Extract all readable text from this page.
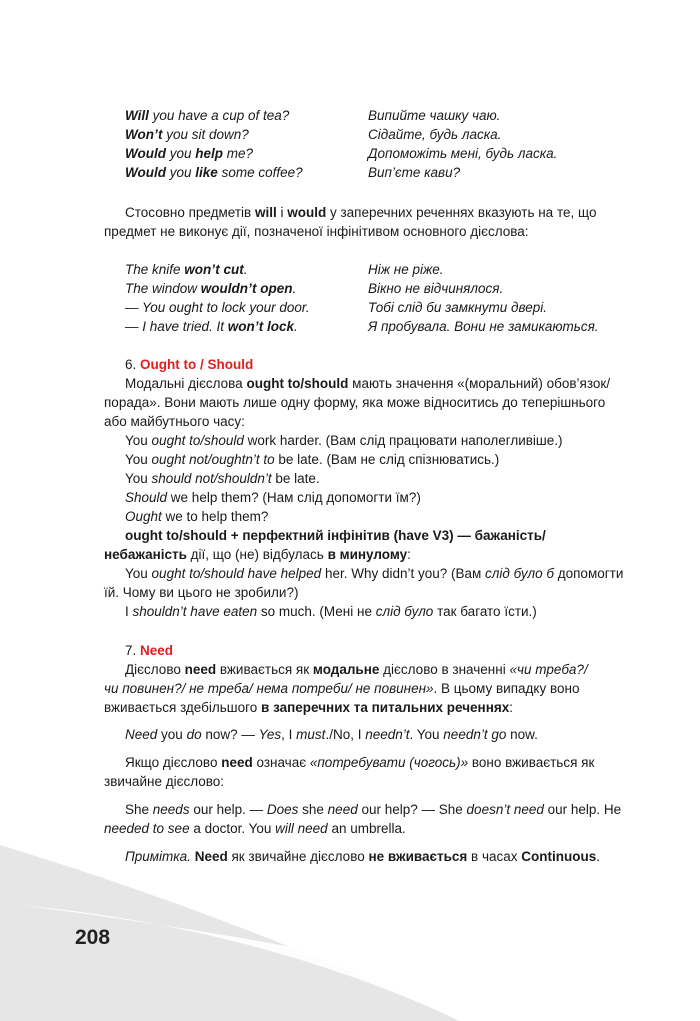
Will you have a cup of tea?	Випийте чашку чаю.
Won’t you sit down?	Сідайте, будь ласка.
Would you help me?	Допоможіть мені, будь ласка.
Would you like some coffee?	Вип’єте кави?
Стосовно предметів will і would у заперечних реченнях вказують на те, що
предмет не виконує дії, позначеної інфінітивом основного дієслова:
The knife won’t cut.	Ніж не ріже.
The window wouldn’t open.	Вікно не відчинялося.
— You ought to lock your door.	Тобі слід би замкнути двері.
— I have tried. It won’t lock.	Я пробувала. Вони не замикаються.
6. Ought to / Should
Модальні дієслова ought to/should мають значення «(моральний) обов’язок/
порада». Вони мають лише одну форму, яка може відноситись до теперішнього
або майбутнього часу:
You ought to/should work harder. (Вам слід працювати наполегливіше.)
You ought not/oughtn’t to be late. (Вам не слід спізнюватись.)
You should not/shouldn’t be late.
Should we help them? (Нам слід допомогти їм?)
Ought we to help them?
ought to/should + перфектний інфінітив (have V3) — бажаність/
небажаність дії, що (не) відбулась в минулому:
You ought to/should have helped her. Why didn’t you? (Вам слід було б допомогти
їй. Чому ви цього не зробили?)
I shouldn’t have eaten so much. (Мені не слід було так багато їсти.)
7. Need
Дієслово need вживається як модальне дієслово в значенні «чи треба?/
чи повинен?/ не треба/ нема потреби/ не повинен». В цьому випадку воно
вживається здебільшого в заперечних та питальних реченнях:
Need you do now? — Yes, I must./No, I needn’t. You needn’t go now.
Якщо дієслово need означає «потребувати (чогось)» воно вживається як
звичайне дієслово:
She needs our help. — Does she need our help? — She doesn’t need our help. He
needed to see a doctor. You will need an umbrella.
Примітка. Need як звичайне дієслово не вживається в часах Continuous.
208
